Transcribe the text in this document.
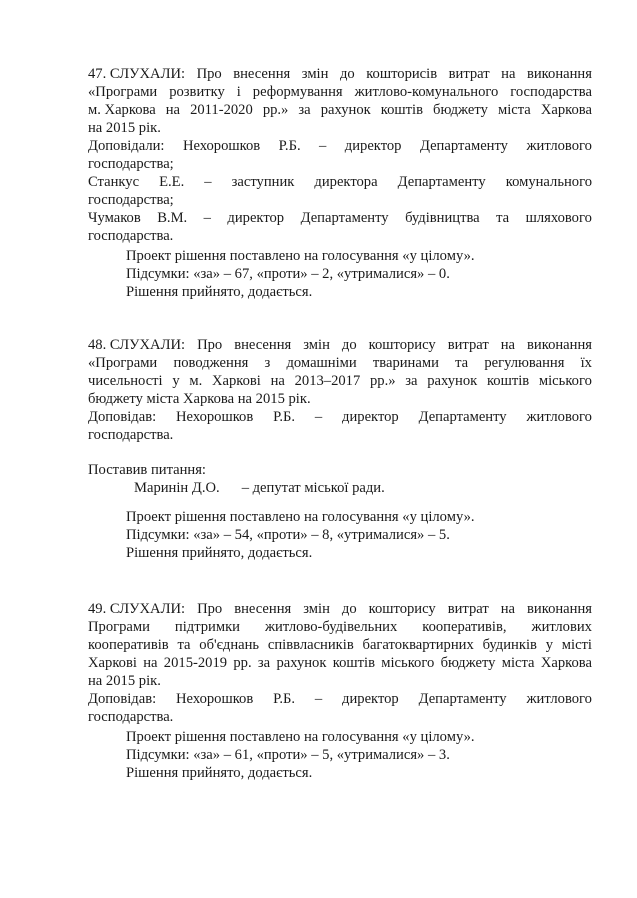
47. СЛУХАЛИ: Про внесення змін до кошторисів витрат на виконання
«Програми розвитку і реформування житлово-комунального господарства
м. Харкова на 2011-2020 рр.» за рахунок коштів бюджету міста Харкова
на 2015 рік.
Доповідали: Нехорошков Р.Б. – директор Департаменту житлового
господарства;
Станкус Е.Е. – заступник директора Департаменту комунального
господарства;
Чумаков В.М. – директор Департаменту будівництва та шляхового
господарства.
Проект рішення поставлено на голосування «у цілому».
Підсумки: «за» – 67, «проти» – 2, «утрималися» – 0.
Рішення прийнято, додається.
48. СЛУХАЛИ: Про внесення змін до кошторису витрат на виконання
«Програми поводження з домашніми тваринами та регулювання їх
чисельності у м. Харкові на 2013–2017 рр.» за рахунок коштів міського
бюджету міста Харкова на 2015 рік.
Доповідав: Нехорошков Р.Б. – директор Департаменту житлового
господарства.
Поставив питання:
Маринін Д.О. – депутат міської ради.
Проект рішення поставлено на голосування «у цілому».
Підсумки: «за» – 54, «проти» – 8, «утрималися» – 5.
Рішення прийнято, додається.
49. СЛУХАЛИ: Про внесення змін до кошторису витрат на виконання
Програми підтримки житлово-будівельних кооперативів, житлових
кооперативів та об'єднань співвласників багатоквартирних будинків у місті
Харкові на 2015-2019 рр. за рахунок коштів міського бюджету міста Харкова
на 2015 рік.
Доповідав: Нехорошков Р.Б. – директор Департаменту житлового
господарства.
Проект рішення поставлено на голосування «у цілому».
Підсумки: «за» – 61, «проти» – 5, «утрималися» – 3.
Рішення прийнято, додається.
